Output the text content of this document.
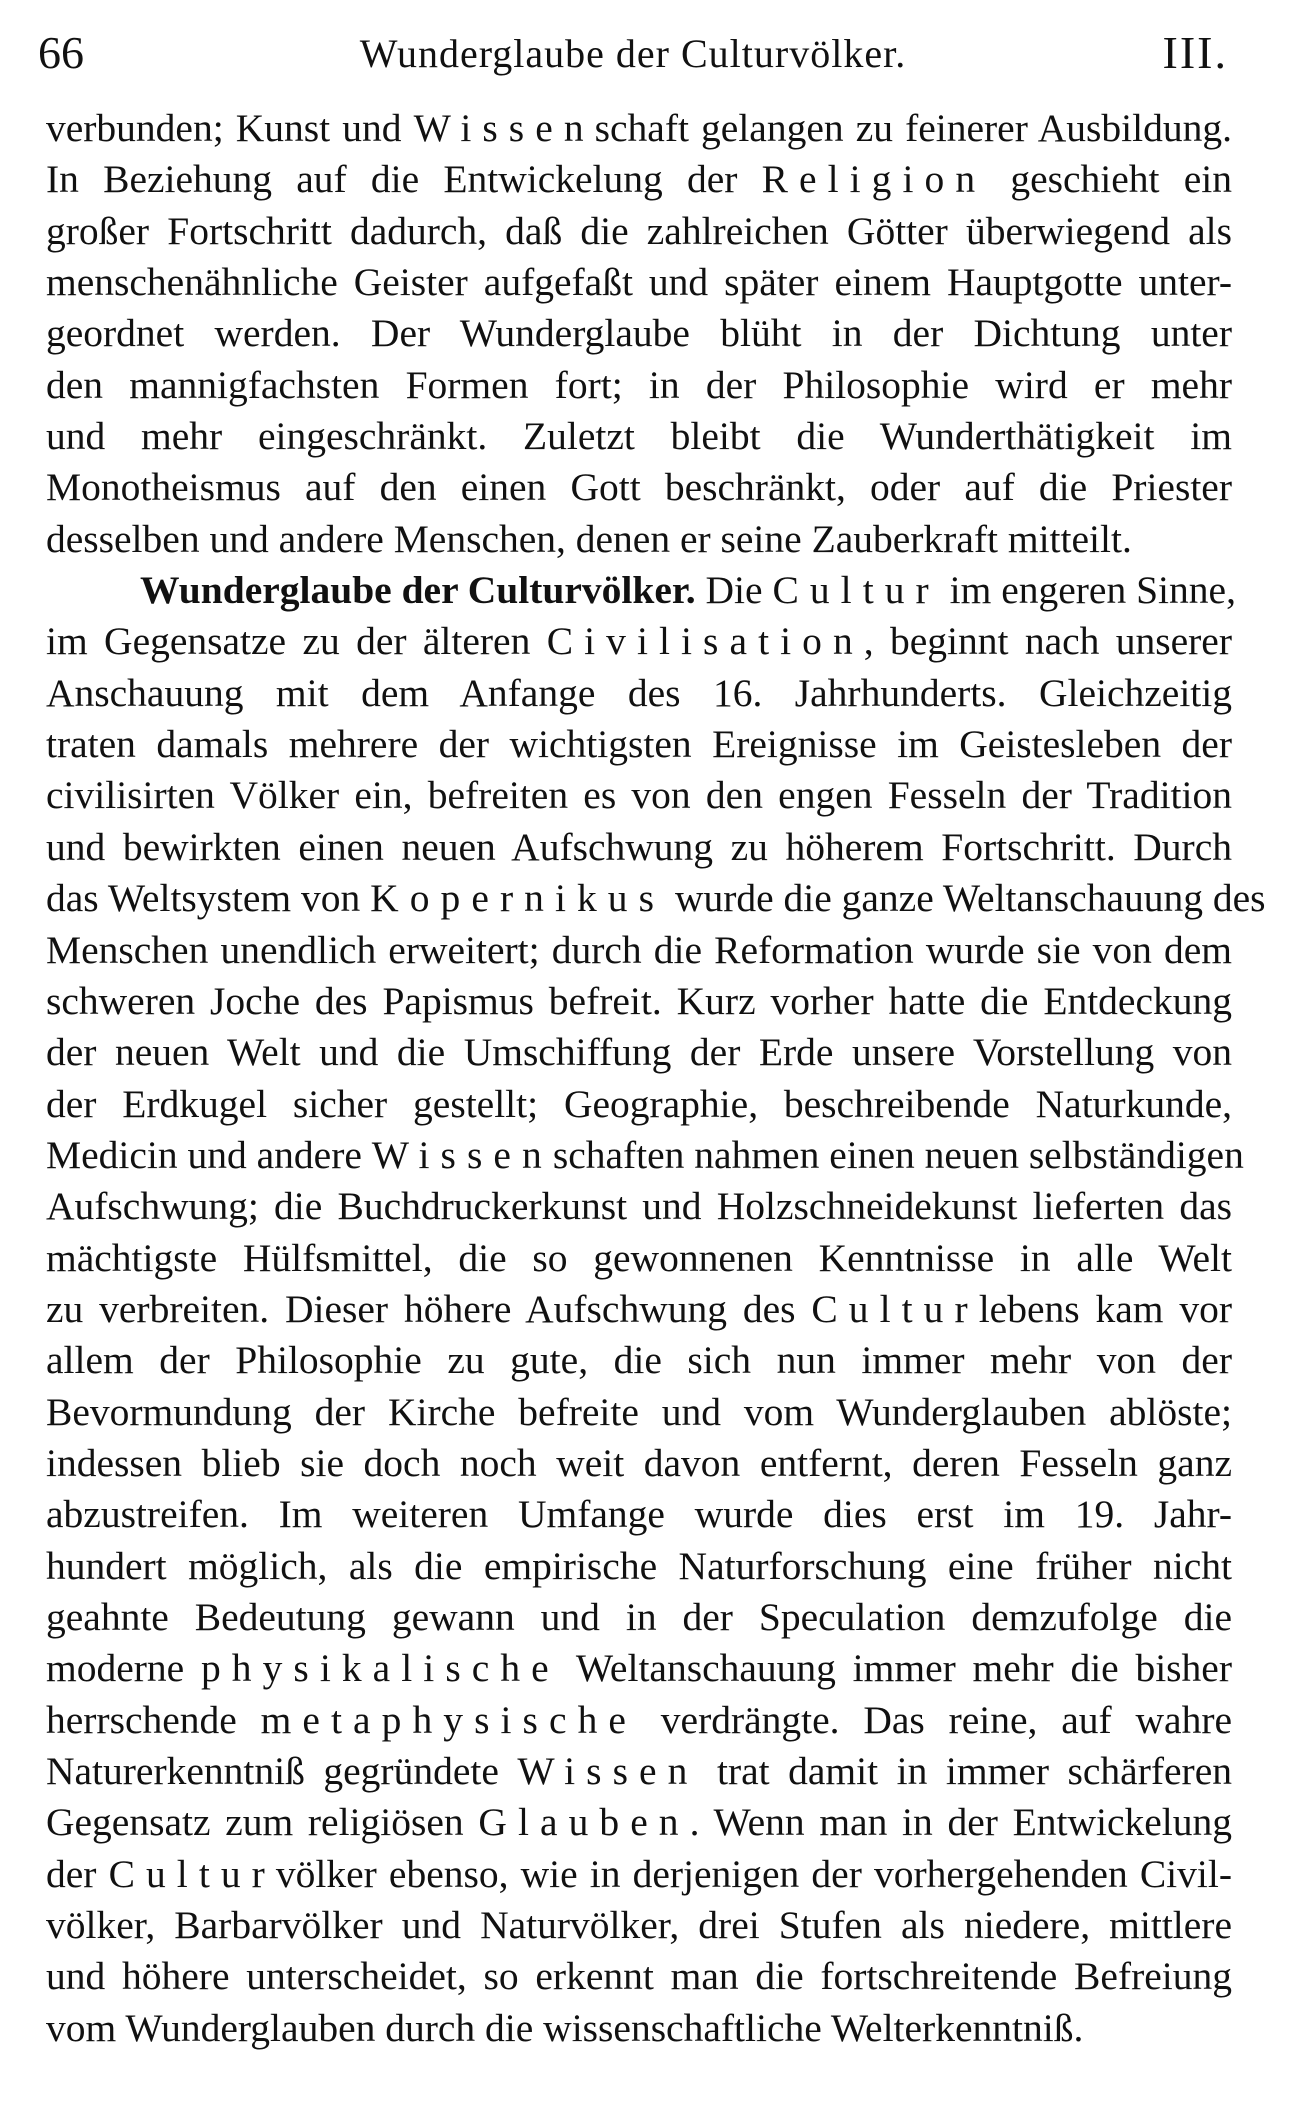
66	Wunderglaube der Culturvölker.	III.
verbunden; Kunst und Wissenschaft gelangen zu feinerer Ausbildung.
In Beziehung auf die Entwickelung der Religion geschieht ein
großer Fortschritt dadurch, daß die zahlreichen Götter überwiegend als
menschenähnliche Geister aufgefaßt und später einem Hauptgotte unter-
geordnet werden. Der Wunderglaube blüht in der Dichtung unter
den mannigfachsten Formen fort; in der Philosophie wird er mehr
und mehr eingeschränkt. Zuletzt bleibt die Wunderthätigkeit im
Monotheismus auf den einen Gott beschränkt, oder auf die Priester
desselben und andere Menschen, denen er seine Zauberkraft mitteilt.
Wunderglaube der Culturvölker. Die Cultur im engeren Sinne,
im Gegensatze zu der älteren Civilisation, beginnt nach unserer
Anschauung mit dem Anfange des 16. Jahrhunderts. Gleichzeitig
traten damals mehrere der wichtigsten Ereignisse im Geistesleben der
civilisirten Völker ein, befreiten es von den engen Fesseln der Tradition
und bewirkten einen neuen Aufschwung zu höherem Fortschritt. Durch
das Weltsystem von Kopernikus wurde die ganze Weltanschauung des
Menschen unendlich erweitert; durch die Reformation wurde sie von dem
schweren Joche des Papismus befreit. Kurz vorher hatte die Entdeckung
der neuen Welt und die Umschiffung der Erde unsere Vorstellung von
der Erdkugel sicher gestellt; Geographie, beschreibende Naturkunde,
Medicin und andere Wissenschaften nahmen einen neuen selbständigen
Aufschwung; die Buchdruckerkunst und Holzschneidekunst lieferten das
mächtigste Hülfsmittel, die so gewonnenen Kenntnisse in alle Welt
zu verbreiten. Dieser höhere Aufschwung des Culturlebens kam vor
allem der Philosophie zu gute, die sich nun immer mehr von der
Bevormundung der Kirche befreite und vom Wunderglauben ablöste;
indessen blieb sie doch noch weit davon entfernt, deren Fesseln ganz
abzustreifen. Im weiteren Umfange wurde dies erst im 19. Jahr-
hundert möglich, als die empirische Naturforschung eine früher nicht
geahnte Bedeutung gewann und in der Speculation demzufolge die
moderne physikalische Weltanschauung immer mehr die bisher
herrschende metaphysische verdrängte. Das reine, auf wahre
Naturerkenntniß gegründete Wissen trat damit in immer schärferen
Gegensatz zum religiösen Glauben. Wenn man in der Entwickelung
der Culturvölker ebenso, wie in derjenigen der vorhergehenden Civil-
völker, Barbarvölker und Naturvölker, drei Stufen als niedere, mittlere
und höhere unterscheidet, so erkennt man die fortschreitende Befreiung
vom Wunderglauben durch die wissenschaftliche Welterkenntniß.
